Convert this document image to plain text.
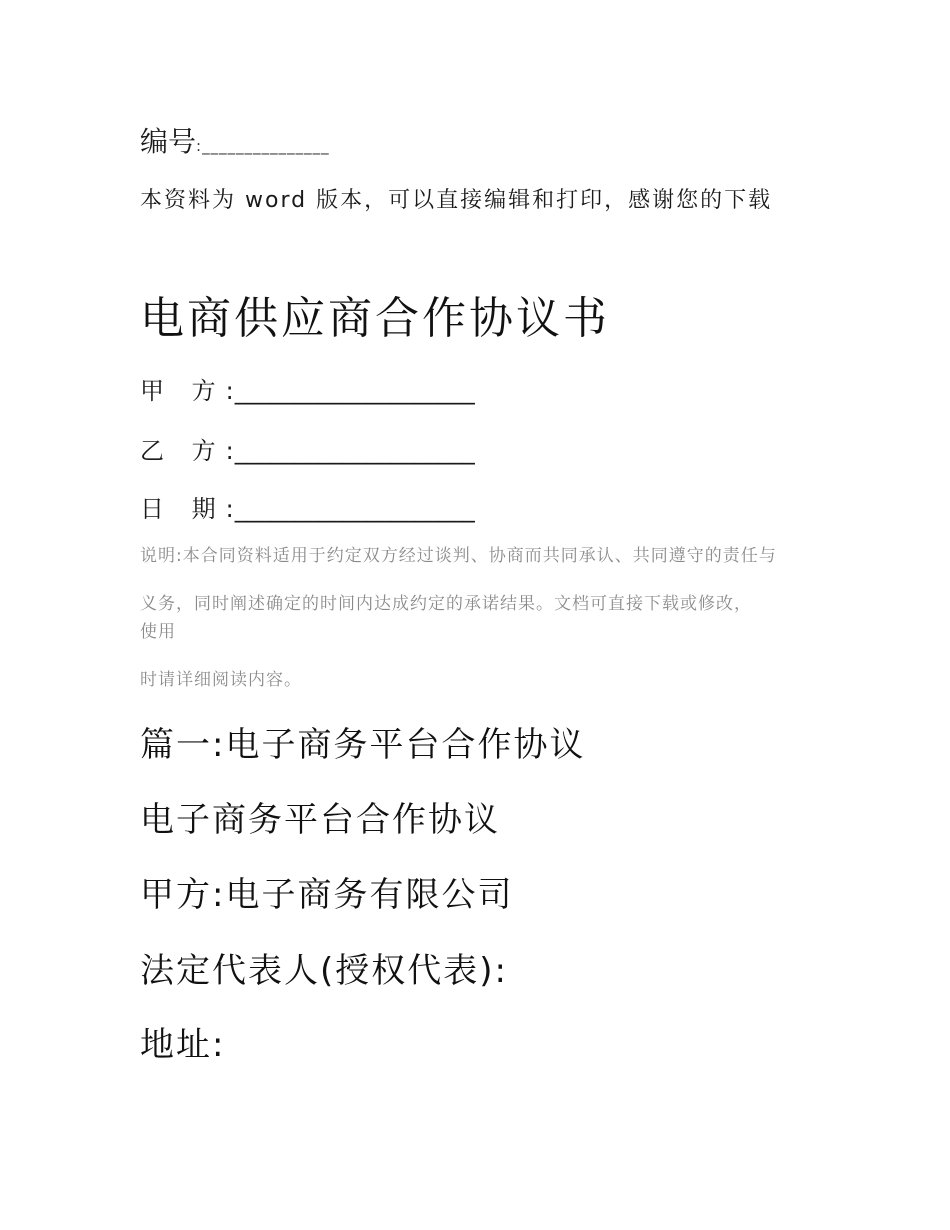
编号:_______________
本资料为 word 版本，可以直接编辑和打印，感谢您的下载
电商供应商合作协议书
甲 方:____________________
乙 方:____________________
日 期:____________________
说明:本合同资料适用于约定双方经过谈判、协商而共同承认、共同遵守的责任与
义务，同时阐述确定的时间内达成约定的承诺结果。文档可直接下载或修改，
使用
时请详细阅读内容。
篇一:电子商务平台合作协议
电子商务平台合作协议
甲方:电子商务有限公司
法定代表人(授权代表):
地址:
